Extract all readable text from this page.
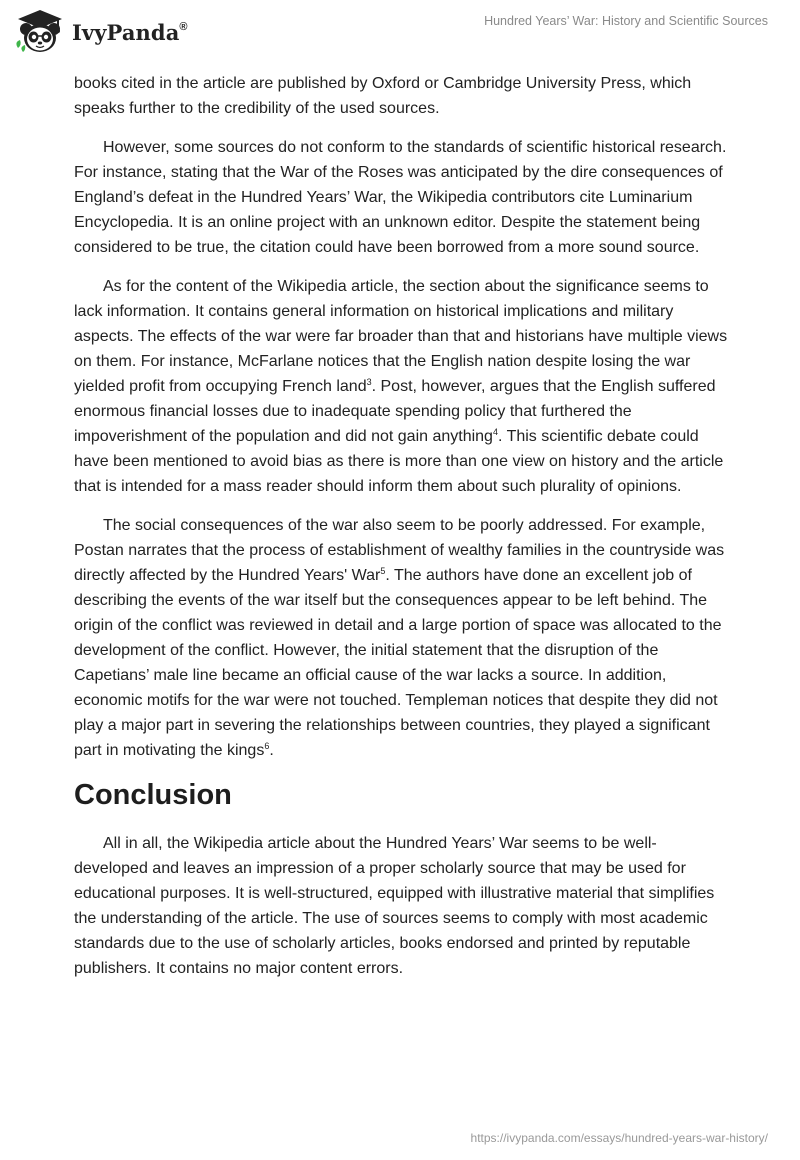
IvyPanda®	Hundred Years’ War: History and Scientific Sources

books cited in the article are published by Oxford or Cambridge University Press, which speaks further to the credibility of the used sources.

However, some sources do not conform to the standards of scientific historical research. For instance, stating that the War of the Roses was anticipated by the dire consequences of England’s defeat in the Hundred Years’ War, the Wikipedia contributors cite Luminarium Encyclopedia. It is an online project with an unknown editor. Despite the statement being considered to be true, the citation could have been borrowed from a more sound source.

As for the content of the Wikipedia article, the section about the significance seems to lack information. It contains general information on historical implications and military aspects. The effects of the war were far broader than that and historians have multiple views on them. For instance, McFarlane notices that the English nation despite losing the war yielded profit from occupying French land$^3$. Post, however, argues that the English suffered enormous financial losses due to inadequate spending policy that furthered the impoverishment of the population and did not gain anything$^4$. This scientific debate could have been mentioned to avoid bias as there is more than one view on history and the article that is intended for a mass reader should inform them about such plurality of opinions.

The social consequences of the war also seem to be poorly addressed. For example, Postan narrates that the process of establishment of wealthy families in the countryside was directly affected by the Hundred Years' War$^5$. The authors have done an excellent job of describing the events of the war itself but the consequences appear to be left behind. The origin of the conflict was reviewed in detail and a large portion of space was allocated to the development of the conflict. However, the initial statement that the disruption of the Capetians’ male line became an official cause of the war lacks a source. In addition, economic motifs for the war were not touched. Templeman notices that despite they did not play a major part in severing the relationships between countries, they played a significant part in motivating the kings$^6$.

Conclusion

All in all, the Wikipedia article about the Hundred Years’ War seems to be well-developed and leaves an impression of a proper scholarly source that may be used for educational purposes. It is well-structured, equipped with illustrative material that simplifies the understanding of the article. The use of sources seems to comply with most academic standards due to the use of scholarly articles, books endorsed and printed by reputable publishers. It contains no major content errors.

https://ivypanda.com/essays/hundred-years-war-history/
